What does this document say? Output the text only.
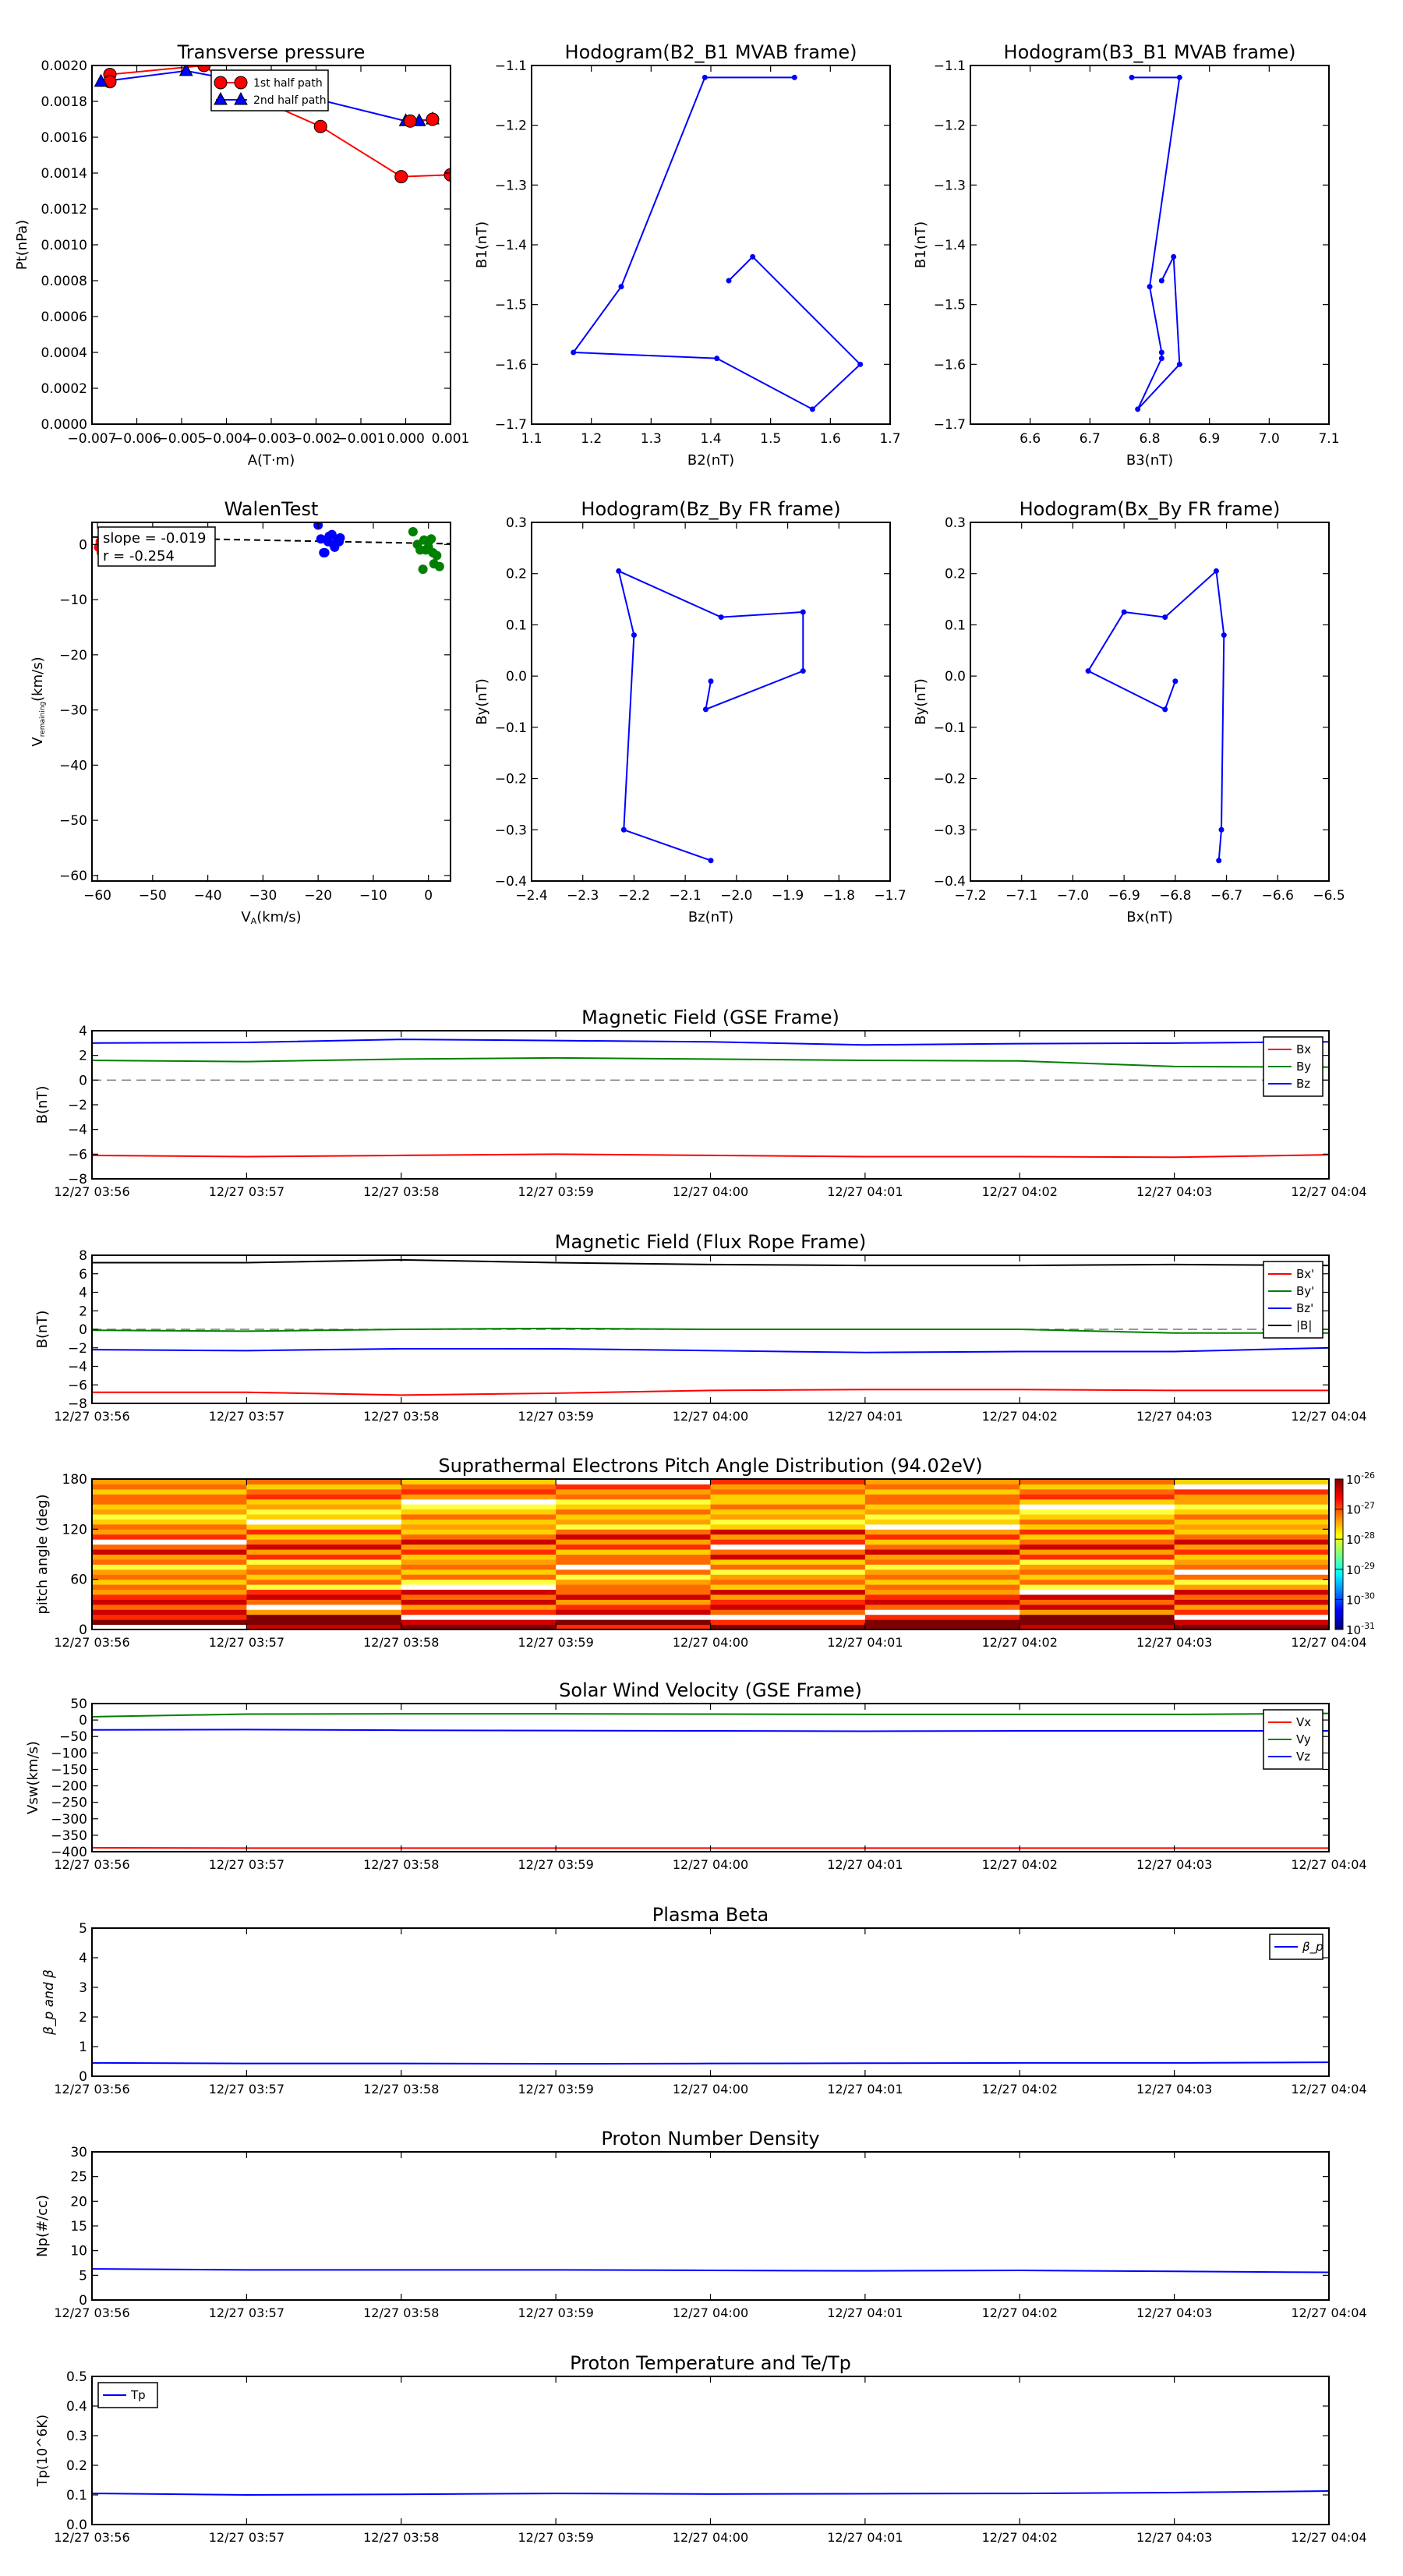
0.0000
0.0002
0.0004
0.0006
0.0008
0.0010
0.0012
0.0014
0.0016
0.0018
0.0020
−0.007
−0.006
−0.005
−0.004
−0.003
−0.002
−0.001 0.000 0.001
Transverse pressure
Pt(nPa)
A(T·m)
1st half path
2nd half path
−1.7
−1.6
−1.5
−1.4
−1.3
−1.2
−1.1
1.1	1.2	1.3	1.4	1.5	1.6	1.7
Hodogram(B2_B1 MVAB frame)
B1(nT)
B2(nT)
−1.7
−1.6
−1.5
−1.4
−1.3
−1.2
−1.1
6.6	6.7	6.8	6.9	7.0	7.1
Hodogram(B3_B1 MVAB frame)
B1(nT)
B3(nT)
−60
−50
−40
−30
−20
−10
0
−60 −50 −40 −30 −20 −10	0
WalenTest
Vremaining(km/s)
VA(km/s)
slope = -0.019
r = -0.254
−0.4
−0.3
−0.2
−0.1
0.0
0.1
0.2
0.3
−2.4 −2.3 −2.2 −2.1 −2.0 −1.9 −1.8 −1.7
Hodogram(Bz_By FR frame)
By(nT)
Bz(nT)
−0.4
−0.3
−0.2
−0.1
0.0
0.1
0.2
0.3
−7.2 −7.1 −7.0 −6.9 −6.8 −6.7 −6.6 −6.5
Hodogram(Bx_By FR frame)
By(nT)
Bx(nT)
−8
−6
−4
−2
0
2
4
12/27 03:56	12/27 03:57	12/27 03:58	12/27 03:59	12/27 04:00	12/27 04:01	12/27 04:02	12/27 04:03	12/27 04:04
Magnetic Field (GSE Frame)
B(nT)
Bx
By
Bz
−8
−6
−4
−2
0
2
4
6
8
12/27 03:56	12/27 03:57	12/27 03:58	12/27 03:59	12/27 04:00	12/27 04:01	12/27 04:02	12/27 04:03	12/27 04:04
Magnetic Field (Flux Rope Frame)
B(nT)
Bx'
By'
Bz'
|B|
0
60
120
180
12/27 03:56	12/27 03:57	12/27 03:58	12/27 03:59	12/27 04:00	12/27 04:01	12/27 04:02	12/27 04:03	12/27 04:04
Suprathermal Electrons Pitch Angle Distribution (94.02eV)
pitch angle (deg)
$10^{-26}$
$10^{-27}$
$10^{-28}$
$10^{-29}$
$10^{-30}$
$10^{-31}$
−400
−350
−300
−250
−200
−150
−100
−50
0
50
12/27 03:56	12/27 03:57	12/27 03:58	12/27 03:59	12/27 04:00	12/27 04:01	12/27 04:02	12/27 04:03	12/27 04:04
Solar Wind Velocity (GSE Frame)
Vsw(km/s)
Vx
Vy
Vz
0
1
2
3
4
5
12/27 03:56	12/27 03:57	12/27 03:58	12/27 03:59	12/27 04:00	12/27 04:01	12/27 04:02	12/27 04:03	12/27 04:04
Plasma Beta
β_p and β
β_p
0
5
10
15
20
25
30
12/27 03:56	12/27 03:57	12/27 03:58	12/27 03:59	12/27 04:00	12/27 04:01	12/27 04:02	12/27 04:03	12/27 04:04
Proton Number Density
Np(#/cc)
0.0
0.1
0.2
0.3
0.4
0.5
12/27 03:56	12/27 03:57	12/27 03:58	12/27 03:59	12/27 04:00	12/27 04:01	12/27 04:02	12/27 04:03	12/27 04:04
Proton Temperature and Te/Tp
Tp(10^6K)
Tp
